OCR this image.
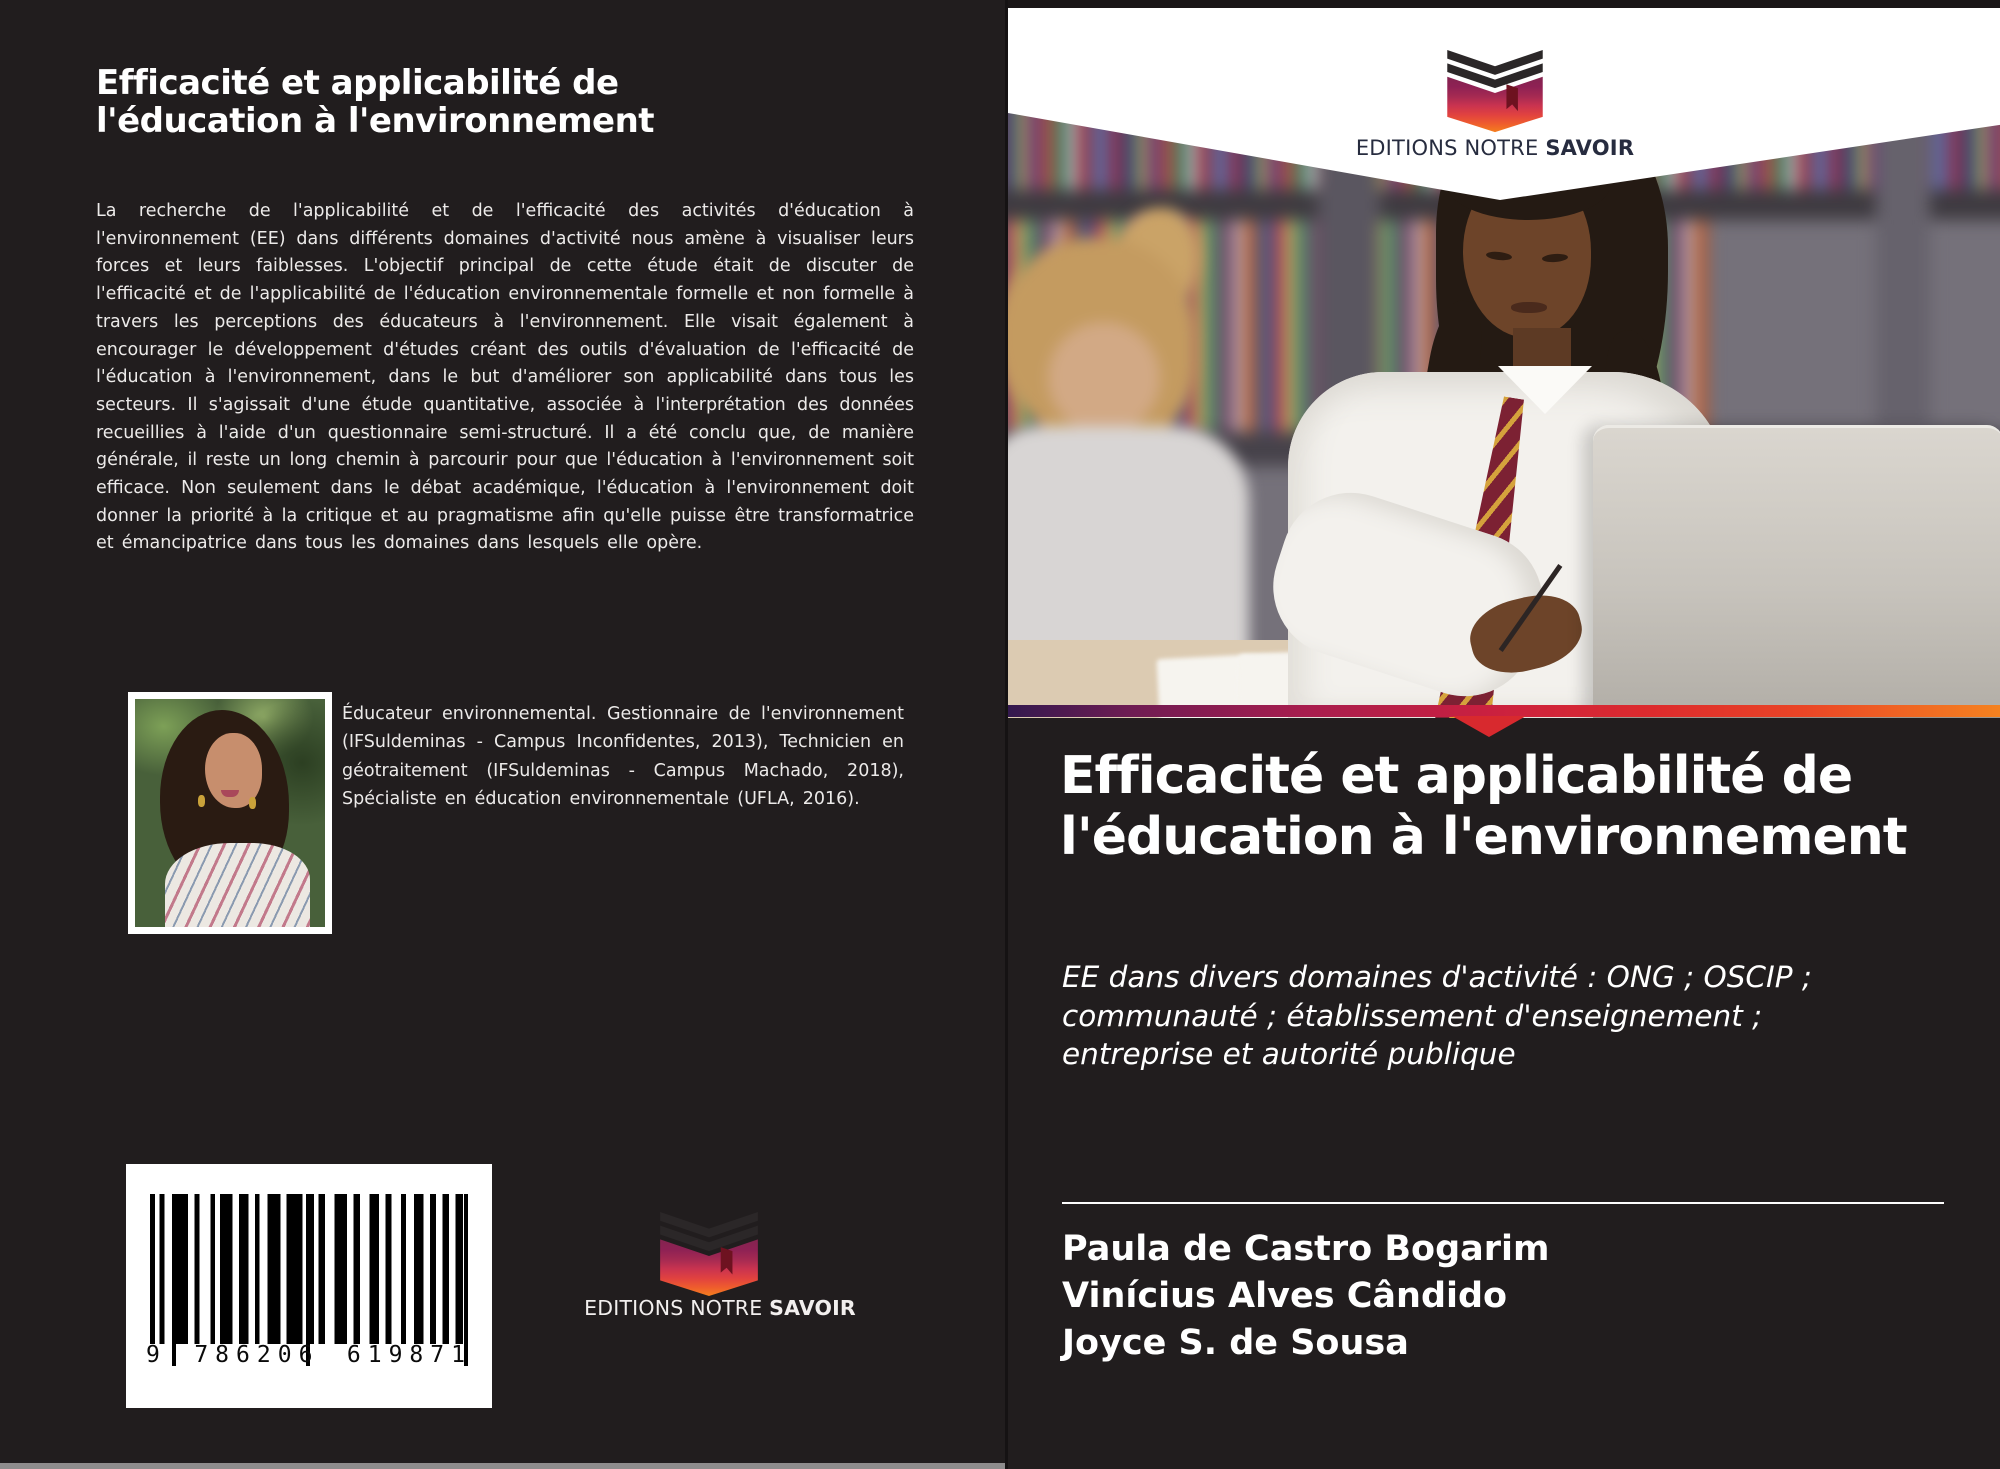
Efficacité et applicabilité de l'éducation à l'environnement
La recherche de l'applicabilité et de l'efficacité des activités d'éducation à l'environnement (EE) dans différents domaines d'activité nous amène à visualiser leurs forces et leurs faiblesses. L'objectif principal de cette étude était de discuter de l'efficacité et de l'applicabilité de l'éducation environnementale formelle et non formelle à travers les perceptions des éducateurs à l'environnement. Elle visait également à encourager le développement d'études créant des outils d'évaluation de l'efficacité de l'éducation à l'environnement, dans le but d'améliorer son applicabilité dans tous les secteurs. Il s'agissait d'une étude quantitative, associée à l'interprétation des données recueillies à l'aide d'un questionnaire semi-structuré. Il a été conclu que, de manière générale, il reste un long chemin à parcourir pour que l'éducation à l'environnement soit efficace. Non seulement dans le débat académique, l'éducation à l'environnement doit donner la priorité à la critique et au pragmatisme afin qu'elle puisse être transformatrice et émancipatrice dans tous les domaines dans lesquels elle opère.
Éducateur environnemental. Gestionnaire de l'environnement (IFSuldeminas - Campus Inconfidentes, 2013), Technicien en géotraitement (IFSuldeminas - Campus Machado, 2018), Spécialiste en éducation environnementale (UFLA, 2016).
9 786206 619871
EDITIONS NOTRE SAVOIR
EDITIONS NOTRE SAVOIR
Efficacité et applicabilité de l'éducation à l'environnement
EE dans divers domaines d'activité : ONG ; OSCIP ; communauté ; établissement d'enseignement ; entreprise et autorité publique
Paula de Castro Bogarim
Vinícius Alves Cândido
Joyce S. de Sousa
